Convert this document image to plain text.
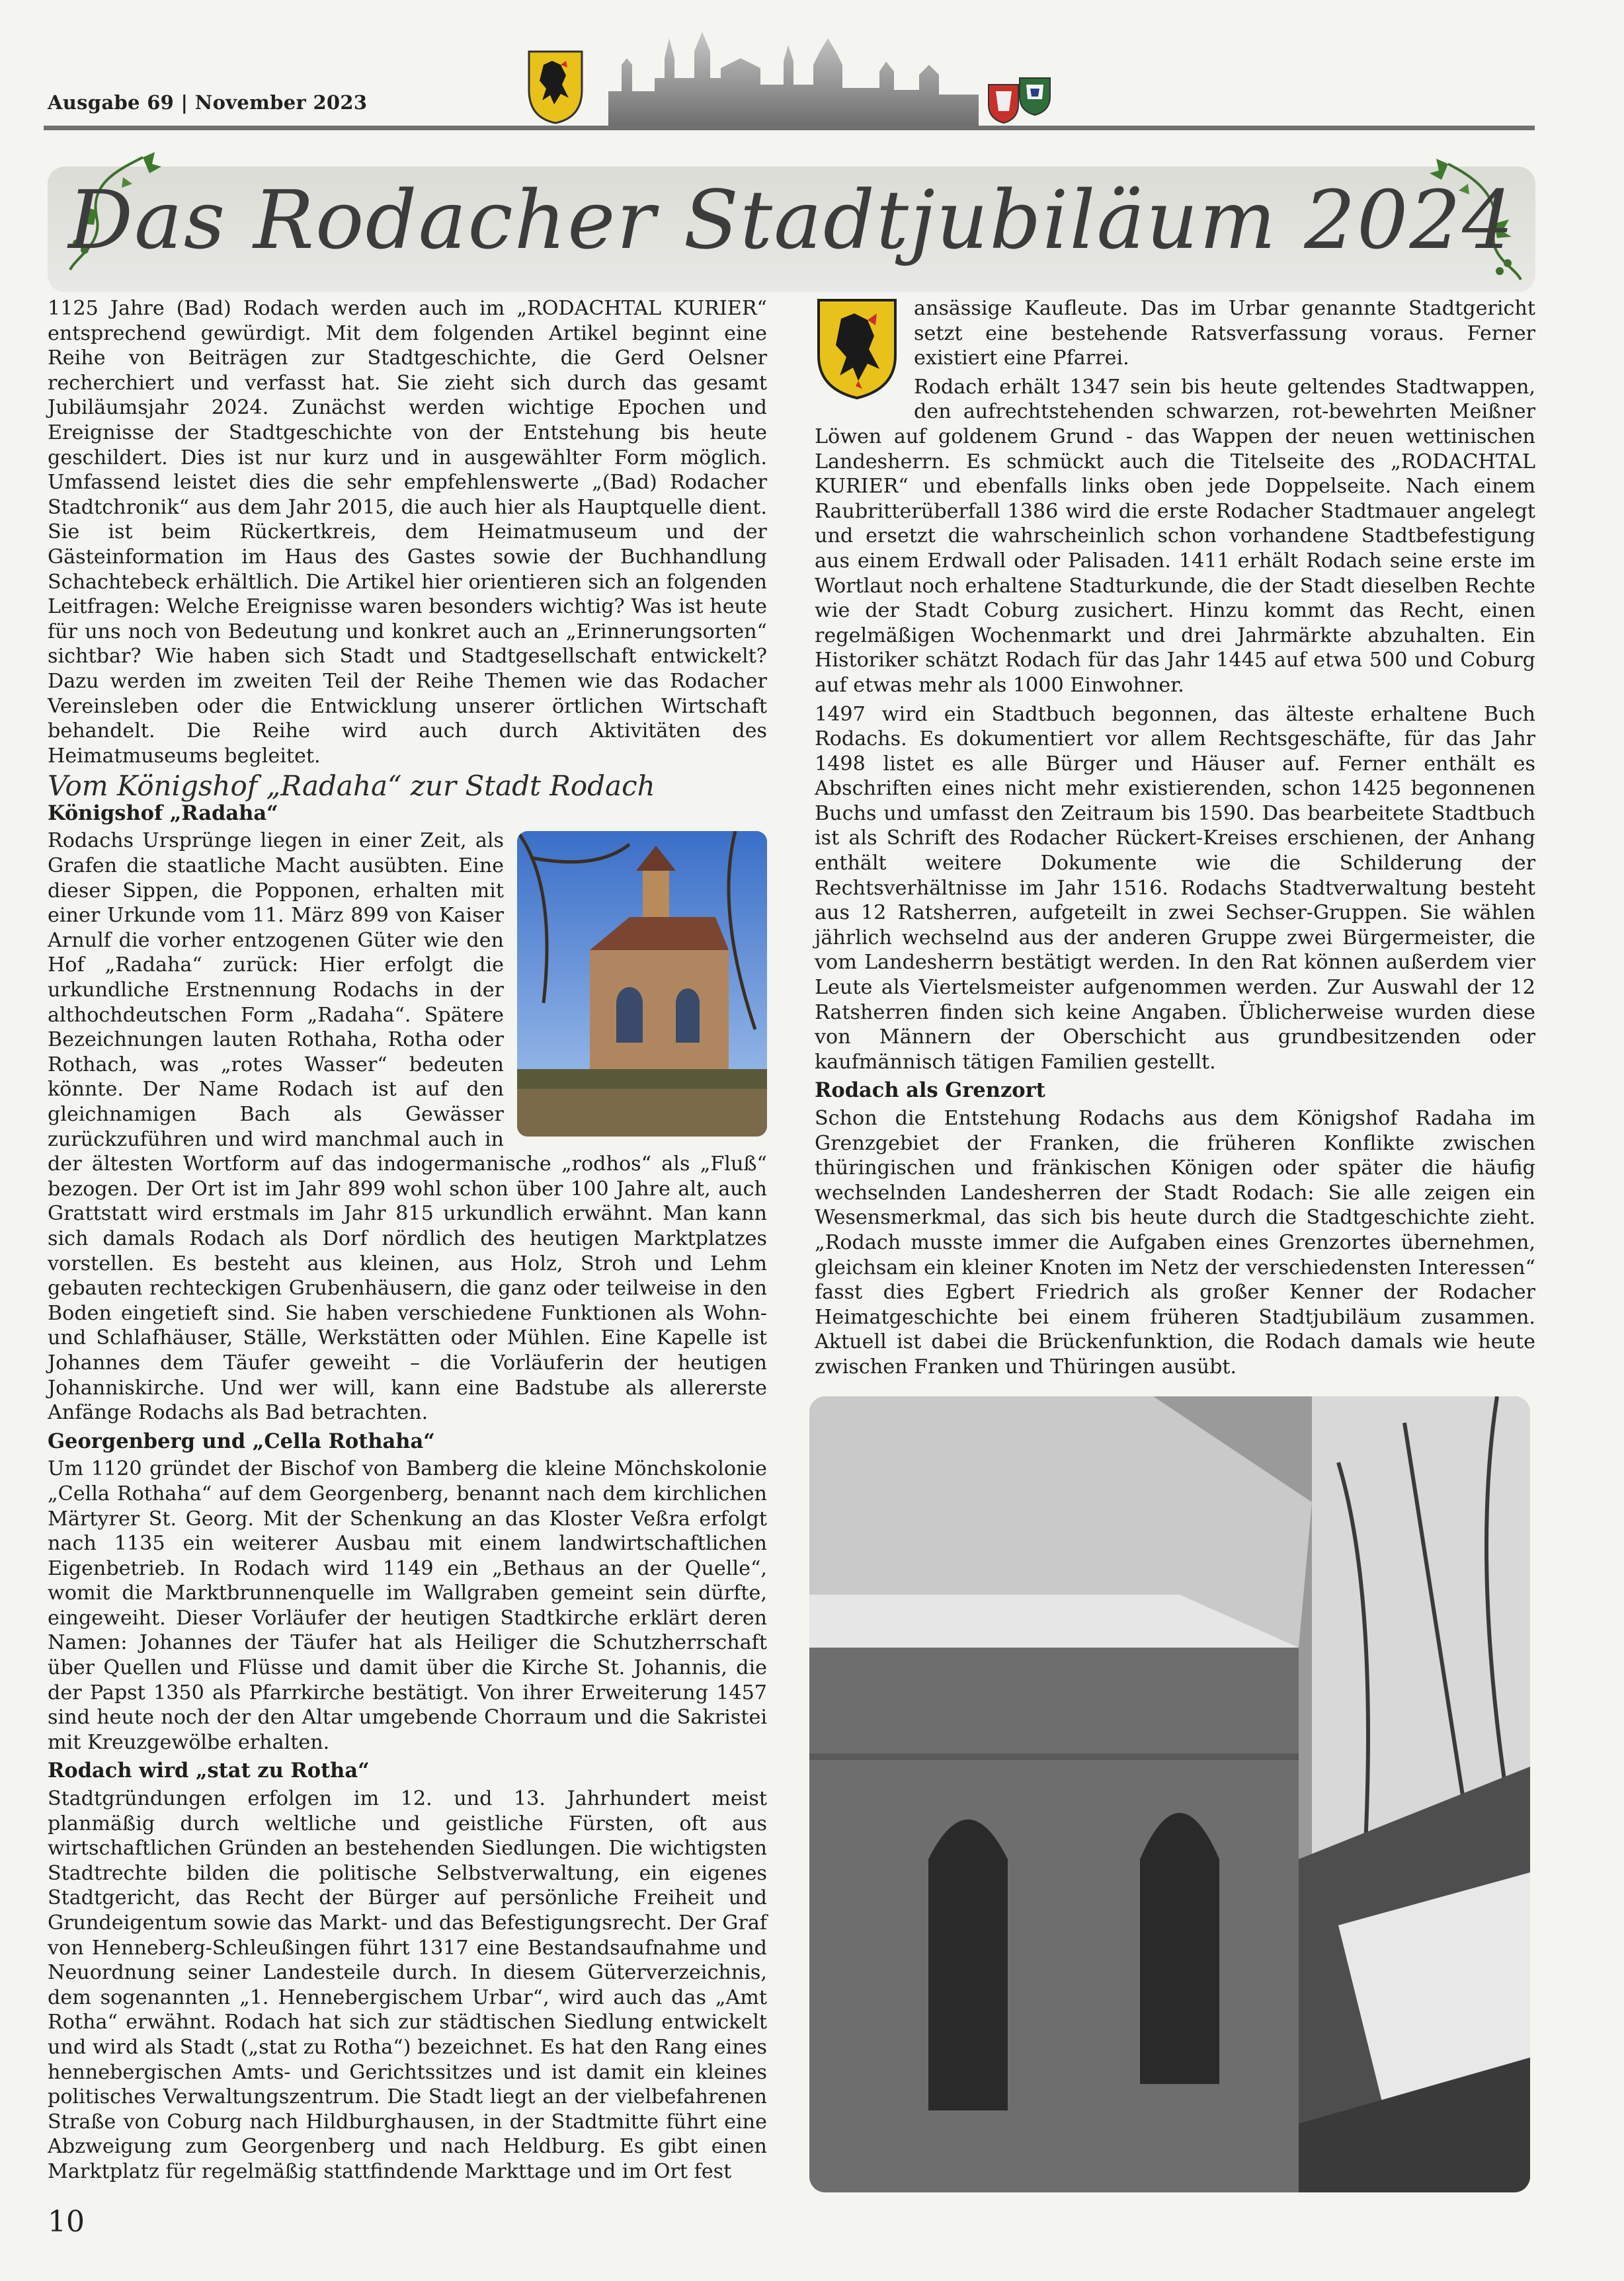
Ausgabe 69 | November 2023
Das Rodacher Stadtjubiläum 2024

1125 Jahre (Bad) Rodach werden auch im „RODACHTAL KURIER“ entsprechend gewürdigt. Mit dem folgenden Artikel beginnt eine Reihe von Beiträgen zur Stadtgeschichte, die Gerd Oelsner recherchiert und verfasst hat. Sie zieht sich durch das gesamt Jubiläumsjahr 2024. Zunächst werden wichtige Epochen und Ereignisse der Stadtgeschichte von der Entstehung bis heute geschildert. Dies ist nur kurz und in ausgewählter Form möglich. Umfassend leistet dies die sehr empfehlenswerte „(Bad) Rodacher Stadtchronik“ aus dem Jahr 2015, die auch hier als Hauptquelle dient. Sie ist beim Rückertkreis, dem Heimatmuseum und der Gästeinformation im Haus des Gastes sowie der Buchhandlung Schachtebeck erhältlich. Die Artikel hier orientieren sich an folgenden Leitfragen: Welche Ereignisse waren besonders wichtig? Was ist heute für uns noch von Bedeutung und konkret auch an „Erinnerungsorten“ sichtbar? Wie haben sich Stadt und Stadtgesellschaft entwickelt? Dazu werden im zweiten Teil der Reihe Themen wie das Rodacher Vereinsleben oder die Entwicklung unserer örtlichen Wirtschaft behandelt. Die Reihe wird auch durch Aktivitäten des Heimatmuseums begleitet.

Vom Königshof „Radaha“ zur Stadt Rodach
Königshof „Radaha“

Rodachs Ursprünge liegen in einer Zeit, als Grafen die staatliche Macht ausübten. Eine dieser Sippen, die Popponen, erhalten mit einer Urkunde vom 11. März 899 von Kaiser Arnulf die vorher entzogenen Güter wie den Hof „Radaha“ zurück: Hier erfolgt die urkundliche Erstnennung Rodachs in der althochdeutschen Form „Radaha“. Spätere Bezeichnungen lauten Rothaha, Rotha oder Rothach, was „rotes Wasser“ bedeuten könnte. Der Name Rodach ist auf den gleichnamigen Bach als Gewässer zurückzuführen und wird manchmal auch in der ältesten Wortform auf das indogermanische „rodhos“ als „Fluß“ bezogen. Der Ort ist im Jahr 899 wohl schon über 100 Jahre alt, auch Grattstatt wird erstmals im Jahr 815 urkundlich erwähnt. Man kann sich damals Rodach als Dorf nördlich des heutigen Marktplatzes vorstellen. Es besteht aus kleinen, aus Holz, Stroh und Lehm gebauten rechteckigen Grubenhäusern, die ganz oder teilweise in den Boden eingetieft sind. Sie haben verschiedene Funktionen als Wohn- und Schlafhäuser, Ställe, Werkstätten oder Mühlen. Eine Kapelle ist Johannes dem Täufer geweiht – die Vorläuferin der heutigen Johanniskirche. Und wer will, kann eine Badstube als allererste Anfänge Rodachs als Bad betrachten.

Georgenberg und „Cella Rothaha“

Um 1120 gründet der Bischof von Bamberg die kleine Mönchskolonie „Cella Rothaha“ auf dem Georgenberg, benannt nach dem kirchlichen Märtyrer St. Georg. Mit der Schenkung an das Kloster Veßra erfolgt nach 1135 ein weiterer Ausbau mit einem landwirtschaftlichen Eigenbetrieb. In Rodach wird 1149 ein „Bethaus an der Quelle“, womit die Marktbrunnenquelle im Wallgraben gemeint sein dürfte, eingeweiht. Dieser Vorläufer der heutigen Stadtkirche erklärt deren Namen: Johannes der Täufer hat als Heiliger die Schutzherrschaft über Quellen und Flüsse und damit über die Kirche St. Johannis, die der Papst 1350 als Pfarrkirche bestätigt. Von ihrer Erweiterung 1457 sind heute noch der den Altar umgebende Chorraum und die Sakristei mit Kreuzgewölbe erhalten.

Rodach wird „stat zu Rotha“

Stadtgründungen erfolgen im 12. und 13. Jahrhundert meist planmäßig durch weltliche und geistliche Fürsten, oft aus wirtschaftlichen Gründen an bestehenden Siedlungen. Die wichtigsten Stadtrechte bilden die politische Selbstverwaltung, ein eigenes Stadtgericht, das Recht der Bürger auf persönliche Freiheit und Grundeigentum sowie das Markt- und das Befestigungsrecht. Der Graf von Henneberg-Schleußingen führt 1317 eine Bestandsaufnahme und Neuordnung seiner Landesteile durch. In diesem Güterverzeichnis, dem sogenannten „1. Hennebergischem Urbar“, wird auch das „Amt Rotha“ erwähnt. Rodach hat sich zur städtischen Siedlung entwickelt und wird als Stadt („stat zu Rotha“) bezeichnet. Es hat den Rang eines hennebergischen Amts- und Gerichtssitzes und ist damit ein kleines politisches Verwaltungszentrum. Die Stadt liegt an der vielbefahrenen Straße von Coburg nach Hildburghausen, in der Stadtmitte führt eine Abzweigung zum Georgenberg und nach Heldburg. Es gibt einen Marktplatz für regelmäßig stattfindende Markttage und im Ort fest

ansässige Kaufleute. Das im Urbar genannte Stadtgericht setzt eine bestehende Ratsverfassung voraus. Ferner existiert eine Pfarrei.

Rodach erhält 1347 sein bis heute geltendes Stadtwappen, den aufrechtstehenden schwarzen, rot-bewehrten Meißner Löwen auf goldenem Grund - das Wappen der neuen wettinischen Landesherrn. Es schmückt auch die Titelseite des „RODACHTAL KURIER“ und ebenfalls links oben jede Doppelseite. Nach einem Raubritterüberfall 1386 wird die erste Rodacher Stadtmauer angelegt und ersetzt die wahrscheinlich schon vorhandene Stadtbefestigung aus einem Erdwall oder Palisaden. 1411 erhält Rodach seine erste im Wortlaut noch erhaltene Stadturkunde, die der Stadt dieselben Rechte wie der Stadt Coburg zusichert. Hinzu kommt das Recht, einen regelmäßigen Wochenmarkt und drei Jahrmärkte abzuhalten. Ein Historiker schätzt Rodach für das Jahr 1445 auf etwa 500 und Coburg auf etwas mehr als 1000 Einwohner.

1497 wird ein Stadtbuch begonnen, das älteste erhaltene Buch Rodachs. Es dokumentiert vor allem Rechtsgeschäfte, für das Jahr 1498 listet es alle Bürger und Häuser auf. Ferner enthält es Abschriften eines nicht mehr existierenden, schon 1425 begonnenen Buchs und umfasst den Zeitraum bis 1590. Das bearbeitete Stadtbuch ist als Schrift des Rodacher Rückert-Kreises erschienen, der Anhang enthält weitere Dokumente wie die Schilderung der Rechtsverhältnisse im Jahr 1516. Rodachs Stadtverwaltung besteht aus 12 Ratsherren, aufgeteilt in zwei Sechser-Gruppen. Sie wählen jährlich wechselnd aus der anderen Gruppe zwei Bürgermeister, die vom Landesherrn bestätigt werden. In den Rat können außerdem vier Leute als Viertelsmeister aufgenommen werden. Zur Auswahl der 12 Ratsherren finden sich keine Angaben. Üblicherweise wurden diese von Männern der Oberschicht aus grundbesitzenden oder kaufmännisch tätigen Familien gestellt.

Rodach als Grenzort

Schon die Entstehung Rodachs aus dem Königshof Radaha im Grenzgebiet der Franken, die früheren Konflikte zwischen thüringischen und fränkischen Königen oder später die häufig wechselnden Landesherren der Stadt Rodach: Sie alle zeigen ein Wesensmerkmal, das sich bis heute durch die Stadtgeschichte zieht. „Rodach musste immer die Aufgaben eines Grenzortes übernehmen, gleichsam ein kleiner Knoten im Netz der verschiedensten Interessen“ fasst dies Egbert Friedrich als großer Kenner der Rodacher Heimatgeschichte bei einem früheren Stadtjubiläum zusammen. Aktuell ist dabei die Brückenfunktion, die Rodach damals wie heute zwischen Franken und Thüringen ausübt.

10
